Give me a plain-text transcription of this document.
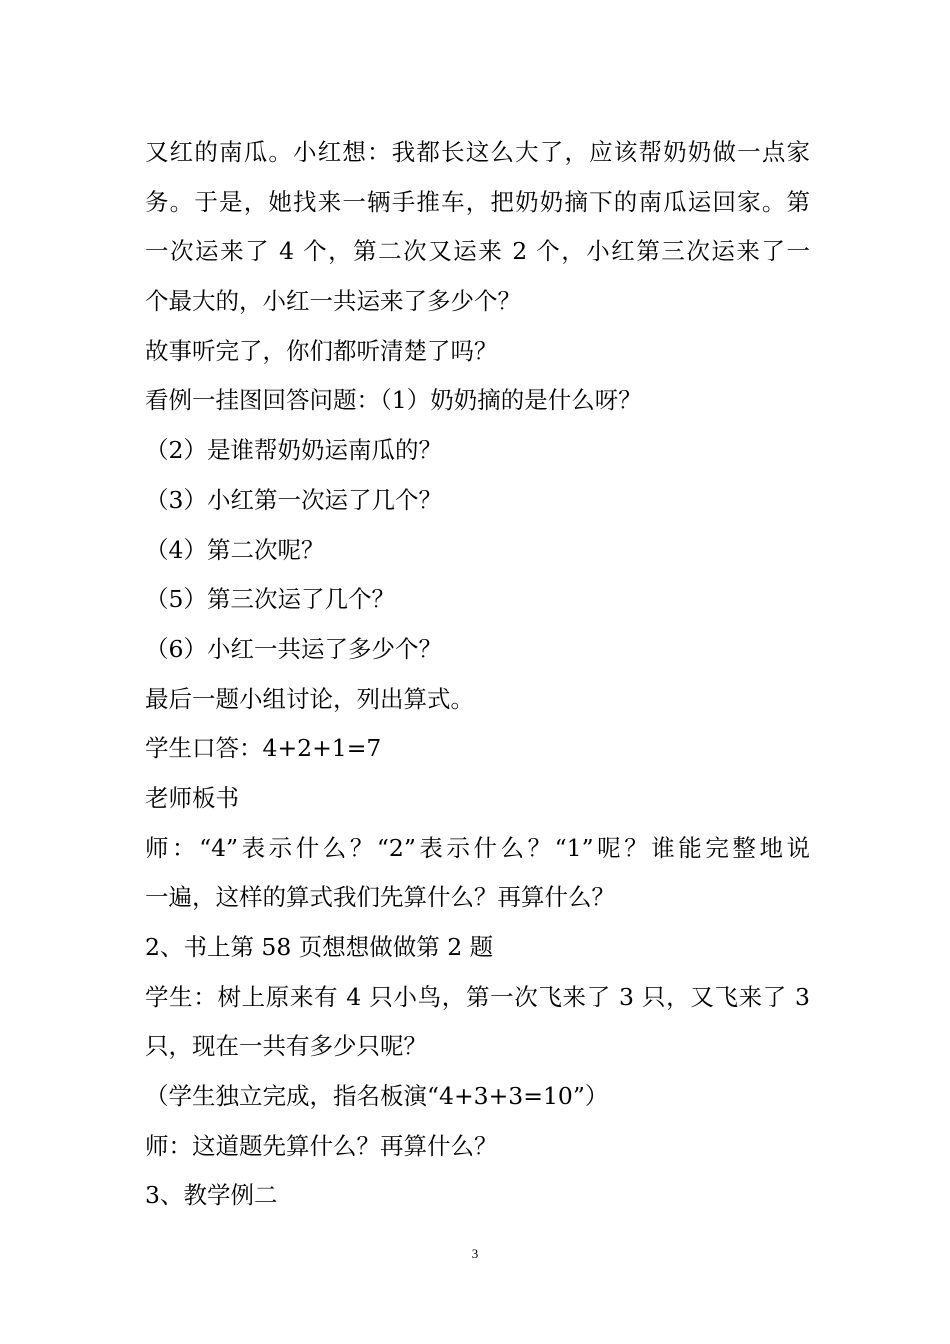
又红的南瓜。小红想：我都长这么大了，应该帮奶奶做一点家
务。于是，她找来一辆手推车，把奶奶摘下的南瓜运回家。第
一次运来了 4 个，第二次又运来 2 个，小红第三次运来了一
个最大的，小红一共运来了多少个？
故事听完了，你们都听清楚了吗？
看例一挂图回答问题：（1）奶奶摘的是什么呀？
（2）是谁帮奶奶运南瓜的？
（3）小红第一次运了几个？
（4）第二次呢？
（5）第三次运了几个？
（6）小红一共运了多少个？
最后一题小组讨论，列出算式。
学生口答：4+2+1=7
老师板书
师：“4”表示什么？“2”表示什么？“1”呢？谁能完整地说
一遍，这样的算式我们先算什么？再算什么？
2、书上第 58 页想想做做第 2 题
学生：树上原来有 4 只小鸟，第一次飞来了 3 只，又飞来了 3
只，现在一共有多少只呢？
（学生独立完成，指名板演“4+3+3=10”）
师：这道题先算什么？再算什么？
3、教学例二
3
